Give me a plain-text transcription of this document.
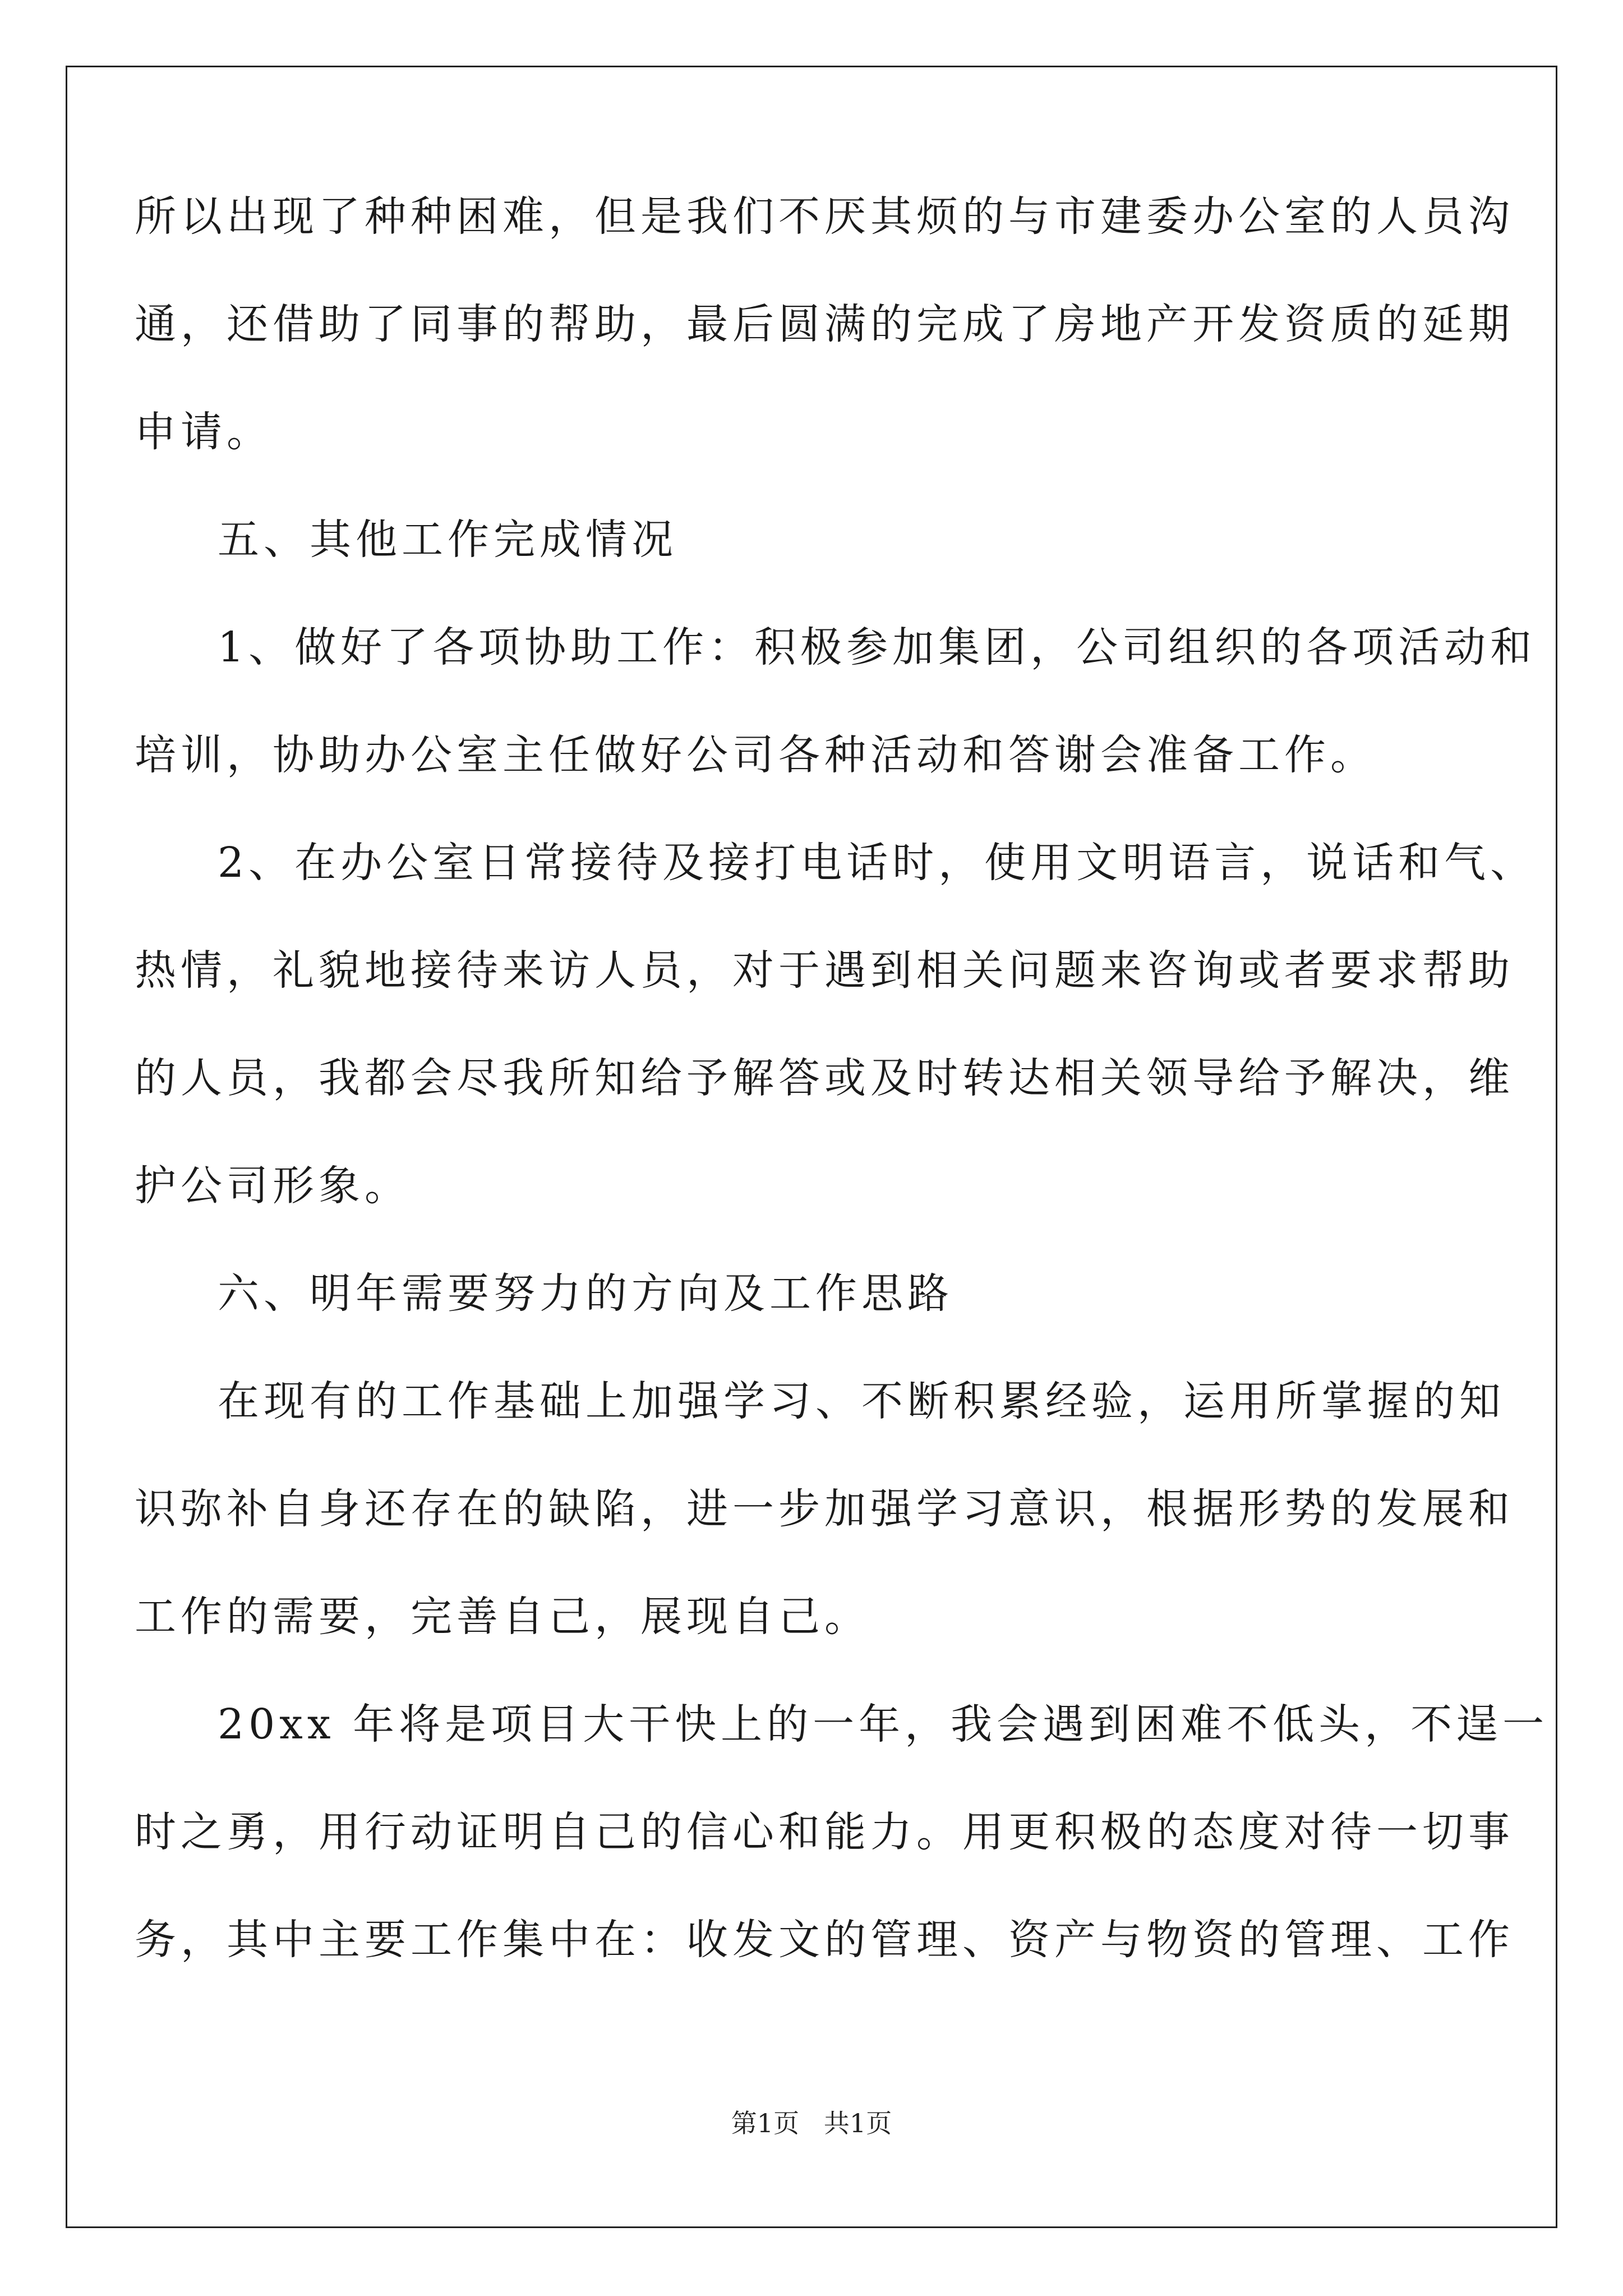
所以出现了种种困难，但是我们不厌其烦的与市建委办公室的人员沟

通，还借助了同事的帮助，最后圆满的完成了房地产开发资质的延期

申请。

五、其他工作完成情况

1、做好了各项协助工作：积极参加集团，公司组织的各项活动和

培训，协助办公室主任做好公司各种活动和答谢会准备工作。

2、在办公室日常接待及接打电话时，使用文明语言，说话和气、

热情，礼貌地接待来访人员，对于遇到相关问题来咨询或者要求帮助

的人员，我都会尽我所知给予解答或及时转达相关领导给予解决，维

护公司形象。

六、明年需要努力的方向及工作思路

在现有的工作基础上加强学习、不断积累经验，运用所掌握的知

识弥补自身还存在的缺陷，进一步加强学习意识，根据形势的发展和

工作的需要，完善自己，展现自己。

20xx 年将是项目大干快上的一年，我会遇到困难不低头，不逞一

时之勇，用行动证明自己的信心和能力。用更积极的态度对待一切事

务，其中主要工作集中在：收发文的管理、资产与物资的管理、工作

第1页   共1页
